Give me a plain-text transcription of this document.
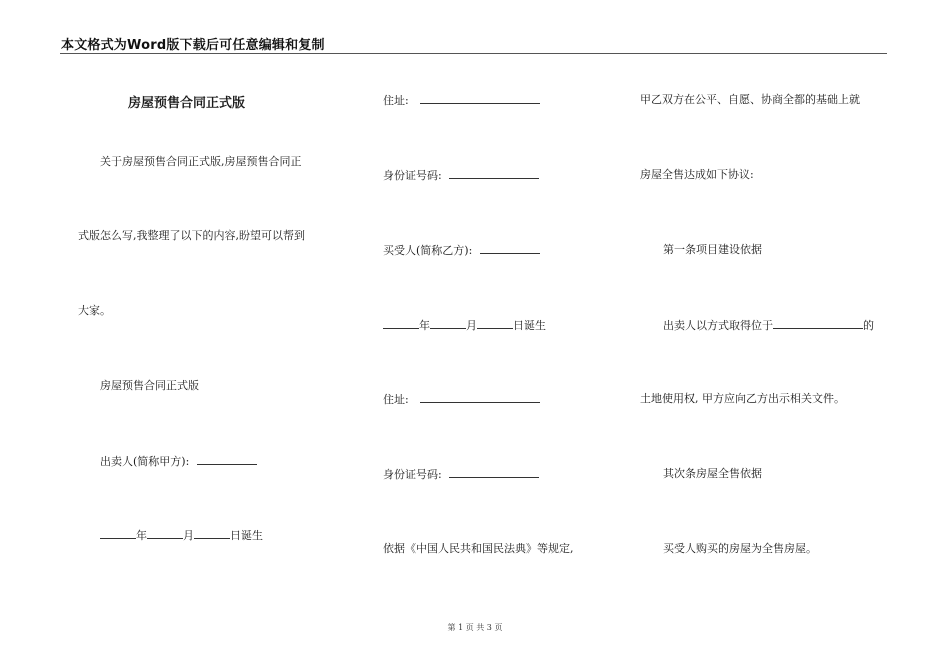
本文格式为Word版下载后可任意编辑和复制
房屋预售合同正式版
关于房屋预售合同正式版,房屋预售合同正
式版怎么写,我整理了以下的内容,盼望可以帮到
大家。
房屋预售合同正式版
出卖人(简称甲方):
年	月	日诞生
住址:
身份证号码:
买受人(简称乙方):
年	月	日诞生
住址:
身份证号码:
依据《中国人民共和国民法典》等规定,
甲乙双方在公平、自愿、协商全都的基础上就
房屋全售达成如下协议:
第一条项目建设依据
出卖人以方式取得位于	的
土地使用权, 甲方应向乙方出示相关文件。
其次条房屋全售依据
买受人购买的房屋为全售房屋。
第 1 页 共 3 页
